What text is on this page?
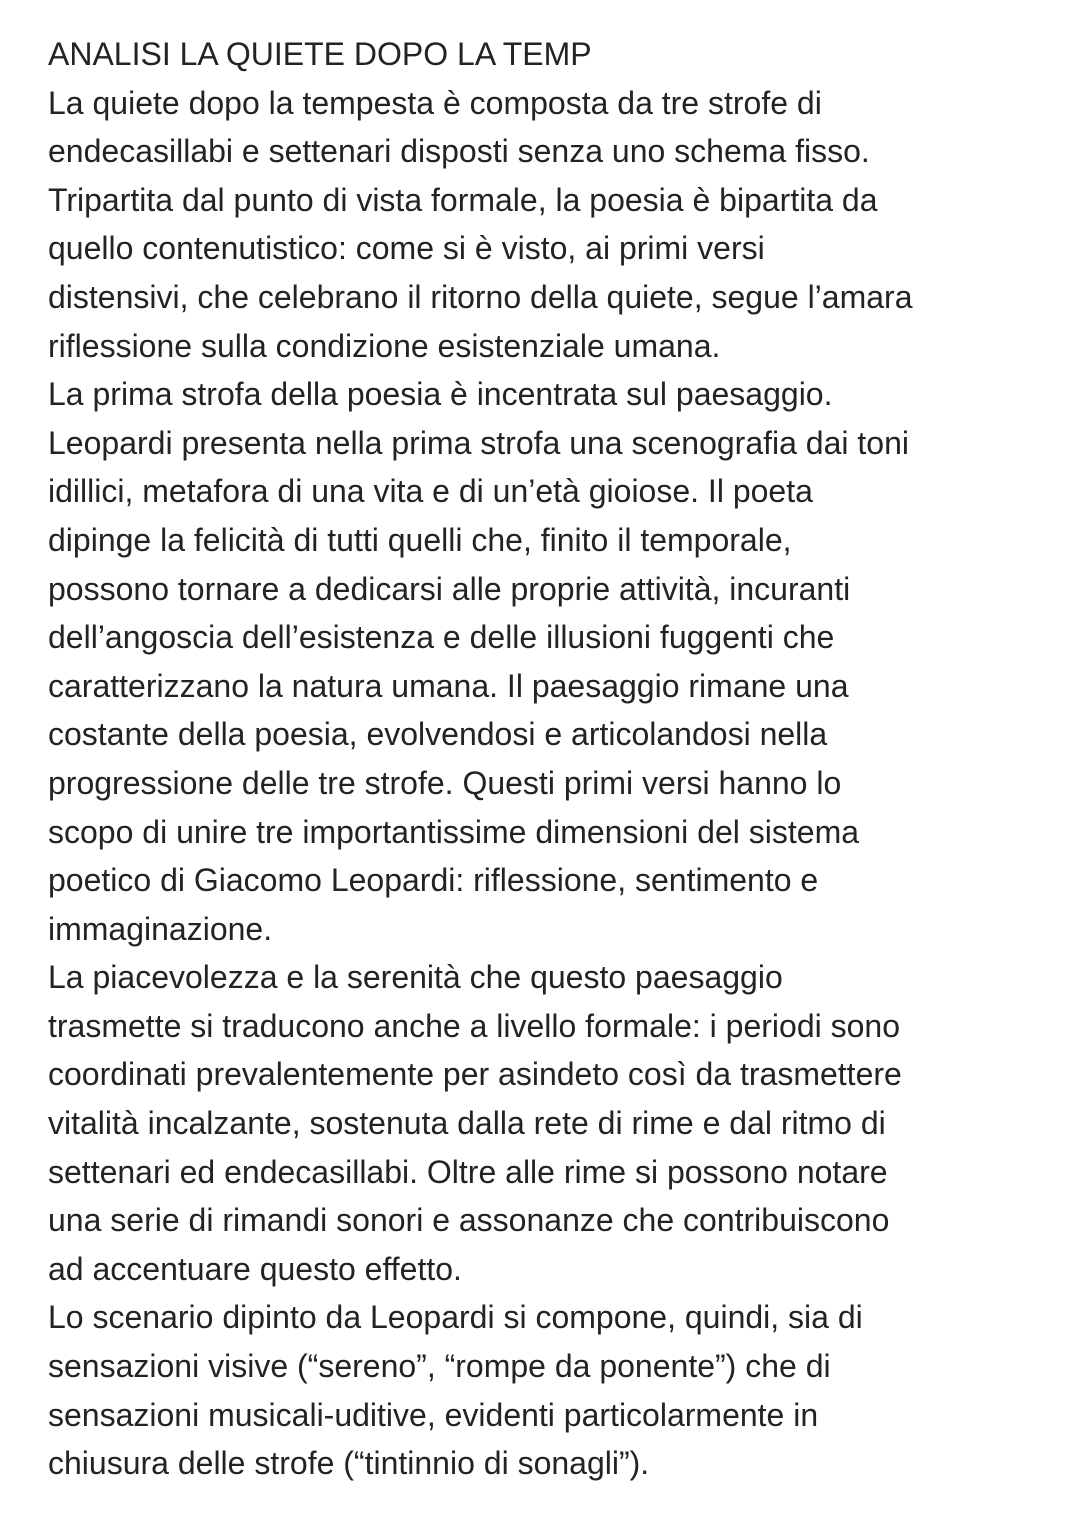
ANALISI LA QUIETE DOPO LA TEMP
La quiete dopo la tempesta è composta da tre strofe di
endecasillabi e settenari disposti senza uno schema fisso.
Tripartita dal punto di vista formale, la poesia è bipartita da
quello contenutistico: come si è visto, ai primi versi
distensivi, che celebrano il ritorno della quiete, segue l’amara
riflessione sulla condizione esistenziale umana.
La prima strofa della poesia è incentrata sul paesaggio.
Leopardi presenta nella prima strofa una scenografia dai toni
idillici, metafora di una vita e di un’età gioiose. Il poeta
dipinge la felicità di tutti quelli che, finito il temporale,
possono tornare a dedicarsi alle proprie attività, incuranti
dell’angoscia dell’esistenza e delle illusioni fuggenti che
caratterizzano la natura umana. Il paesaggio rimane una
costante della poesia, evolvendosi e articolandosi nella
progressione delle tre strofe. Questi primi versi hanno lo
scopo di unire tre importantissime dimensioni del sistema
poetico di Giacomo Leopardi: riflessione, sentimento e
immaginazione.
La piacevolezza e la serenità che questo paesaggio
trasmette si traducono anche a livello formale: i periodi sono
coordinati prevalentemente per asindeto così da trasmettere
vitalità incalzante, sostenuta dalla rete di rime e dal ritmo di
settenari ed endecasillabi. Oltre alle rime si possono notare
una serie di rimandi sonori e assonanze che contribuiscono
ad accentuare questo effetto.
Lo scenario dipinto da Leopardi si compone, quindi, sia di
sensazioni visive (“sereno”, “rompe da ponente”) che di
sensazioni musicali-uditive, evidenti particolarmente in
chiusura delle strofe (“tintinnio di sonagli”).
